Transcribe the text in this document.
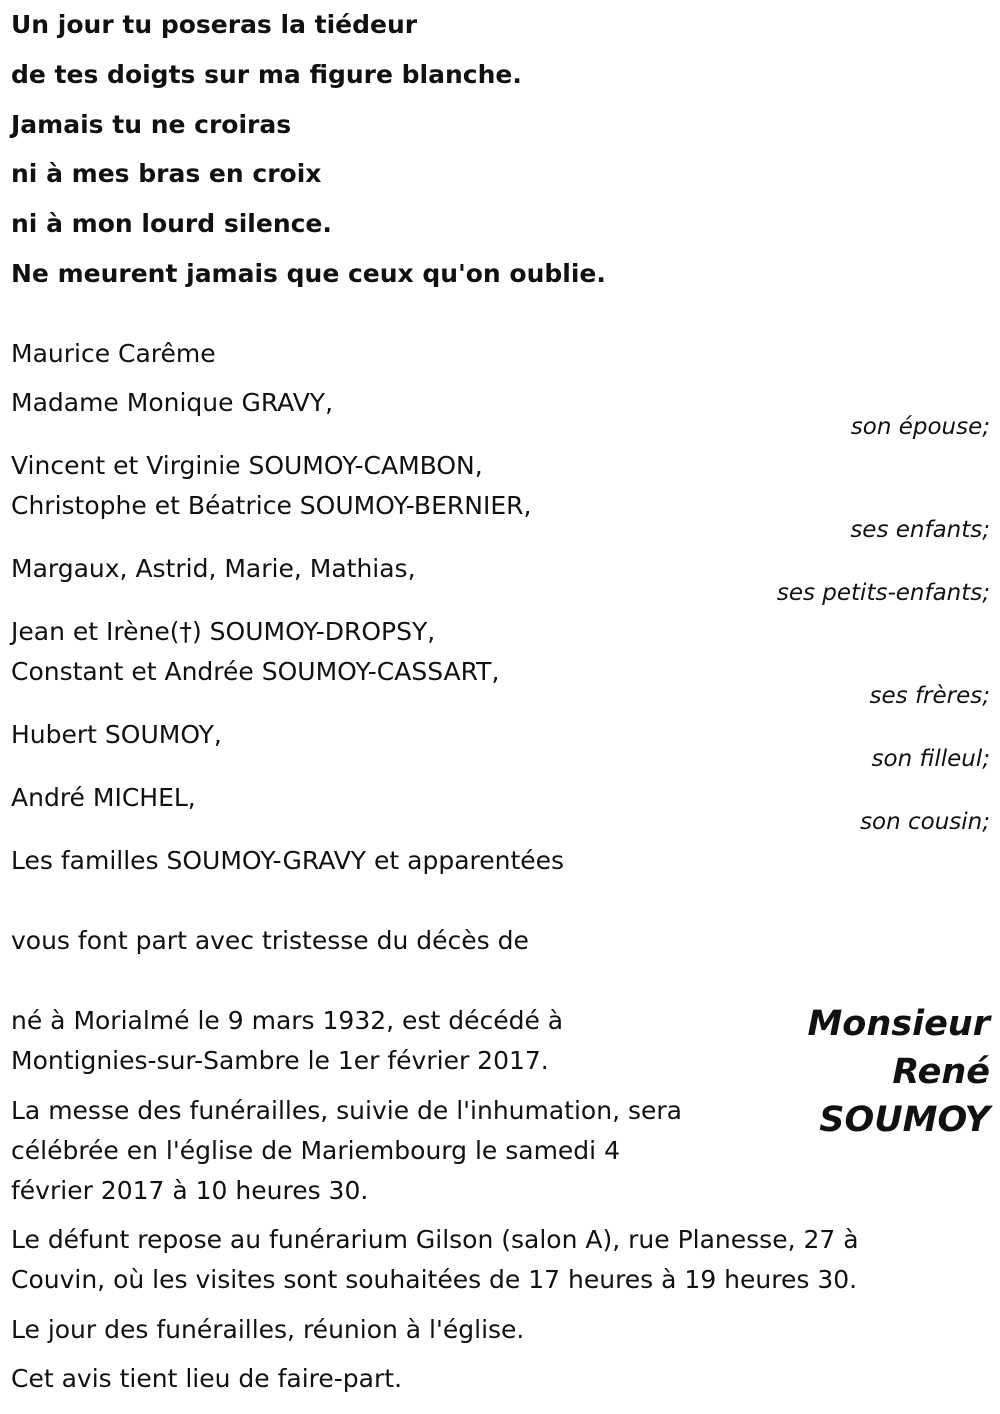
Un jour tu poseras la tiédeur
de tes doigts sur ma figure blanche.
Jamais tu ne croiras
ni à mes bras en croix
ni à mon lourd silence.
Ne meurent jamais que ceux qu'on oublie.
Maurice Carême
Madame Monique GRAVY,
son épouse;
Vincent et Virginie SOUMOY-CAMBON,
Christophe et Béatrice SOUMOY-BERNIER,
ses enfants;
Margaux, Astrid, Marie, Mathias,
ses petits-enfants;
Jean et Irène(†) SOUMOY-DROPSY,
Constant et Andrée SOUMOY-CASSART,
ses frères;
Hubert SOUMOY,
son filleul;
André MICHEL,
son cousin;
Les familles SOUMOY-GRAVY et apparentées
vous font part avec tristesse du décès de
Monsieur
René
SOUMOY
né à Morialmé le 9 mars 1932, est décédé à
Montignies-sur-Sambre le 1er février 2017.
La messe des funérailles, suivie de l'inhumation, sera
célébrée en l'église de Mariembourg le samedi 4
février 2017 à 10 heures 30.
Le défunt repose au funérarium Gilson (salon A), rue Planesse, 27 à
Couvin, où les visites sont souhaitées de 17 heures à 19 heures 30.
Le jour des funérailles, réunion à l'église.
Cet avis tient lieu de faire-part.
